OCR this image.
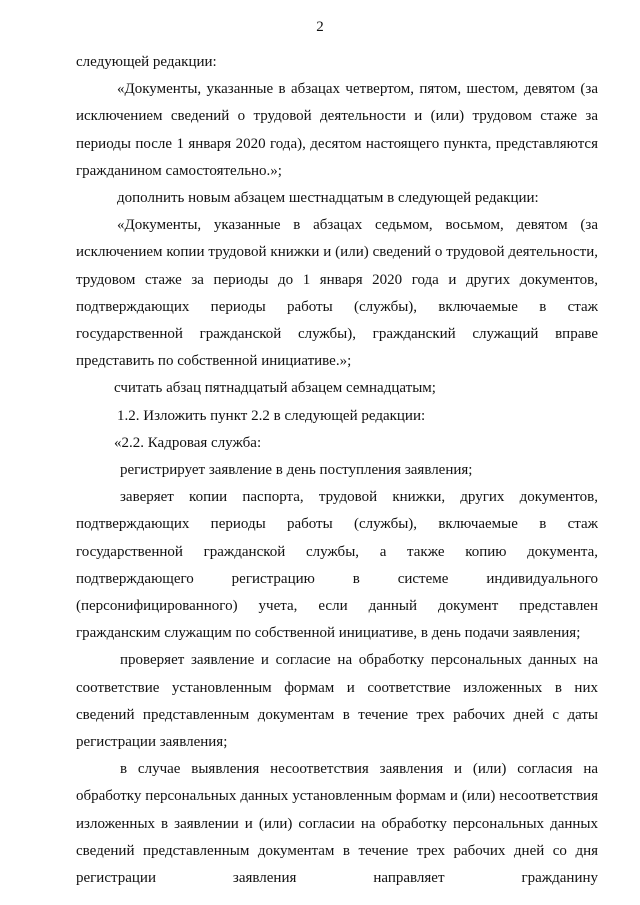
2

следующей редакции:

«Документы, указанные в абзацах четвертом, пятом, шестом, девятом (за исключением сведений о трудовой деятельности и (или) трудовом стаже за периоды после 1 января 2020 года), десятом настоящего пункта, представляются гражданином самостоятельно.»;

дополнить новым абзацем шестнадцатым в следующей редакции:

«Документы, указанные в абзацах седьмом, восьмом, девятом (за исключением копии трудовой книжки и (или) сведений о трудовой деятельности, трудовом стаже за периоды до 1 января 2020 года и других документов, подтверждающих периоды работы (службы), включаемые в стаж государственной гражданской службы), гражданский служащий вправе представить по собственной инициативе.»;

считать абзац пятнадцатый абзацем семнадцатым;

1.2. Изложить пункт 2.2 в следующей редакции:

«2.2. Кадровая служба:

регистрирует заявление в день поступления заявления;

заверяет копии паспорта, трудовой книжки, других документов, подтверждающих периоды работы (службы), включаемые в стаж государственной гражданской службы, а также копию документа, подтверждающего регистрацию в системе индивидуального (персонифицированного) учета, если данный документ представлен гражданским служащим по собственной инициативе, в день подачи заявления;

проверяет заявление и согласие на обработку персональных данных на соответствие установленным формам и соответствие изложенных в них сведений представленным документам в течение трех рабочих дней с даты регистрации заявления;

в случае выявления несоответствия заявления и (или) согласия на обработку персональных данных установленным формам и (или) несоответствия изложенных в заявлении и (или) согласии на обработку персональных данных сведений представленным документам в течение трех рабочих дней со дня регистрации заявления направляет гражданину
